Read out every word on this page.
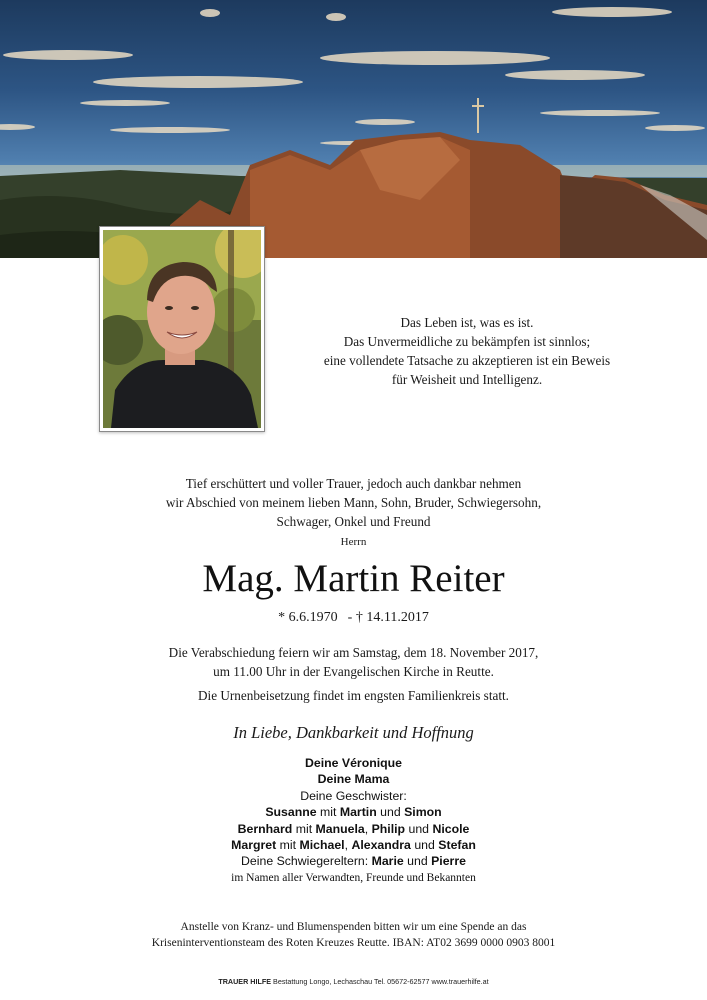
Das Leben ist, was es ist.
Das Unvermeidliche zu bekämpfen ist sinnlos;
eine vollendete Tatsache zu akzeptieren ist ein Beweis
für Weisheit und Intelligenz.
Tief erschüttert und voller Trauer, jedoch auch dankbar nehmen
wir Abschied von meinem lieben Mann, Sohn, Bruder, Schwiegersohn,
Schwager, Onkel und Freund
Herrn
Mag. Martin Reiter
* 6.6.1970 - † 14.11.2017
Die Verabschiedung feiern wir am Samstag, dem 18. November 2017,
um 11.00 Uhr in der Evangelischen Kirche in Reutte.
Die Urnenbeisetzung findet im engsten Familienkreis statt.
In Liebe, Dankbarkeit und Hoffnung
Deine Véronique
Deine Mama
Deine Geschwister:
Susanne mit Martin und Simon
Bernhard mit Manuela, Philip und Nicole
Margret mit Michael, Alexandra und Stefan
Deine Schwiegereltern: Marie und Pierre
im Namen aller Verwandten, Freunde und Bekannten
Anstelle von Kranz- und Blumenspenden bitten wir um eine Spende an das
Kriseninterventionsteam des Roten Kreuzes Reutte. IBAN: AT02 3699 0000 0903 8001
TRAUER HILFE Bestattung Longo, Lechaschau Tel. 05672-62577 www.trauerhilfe.at
